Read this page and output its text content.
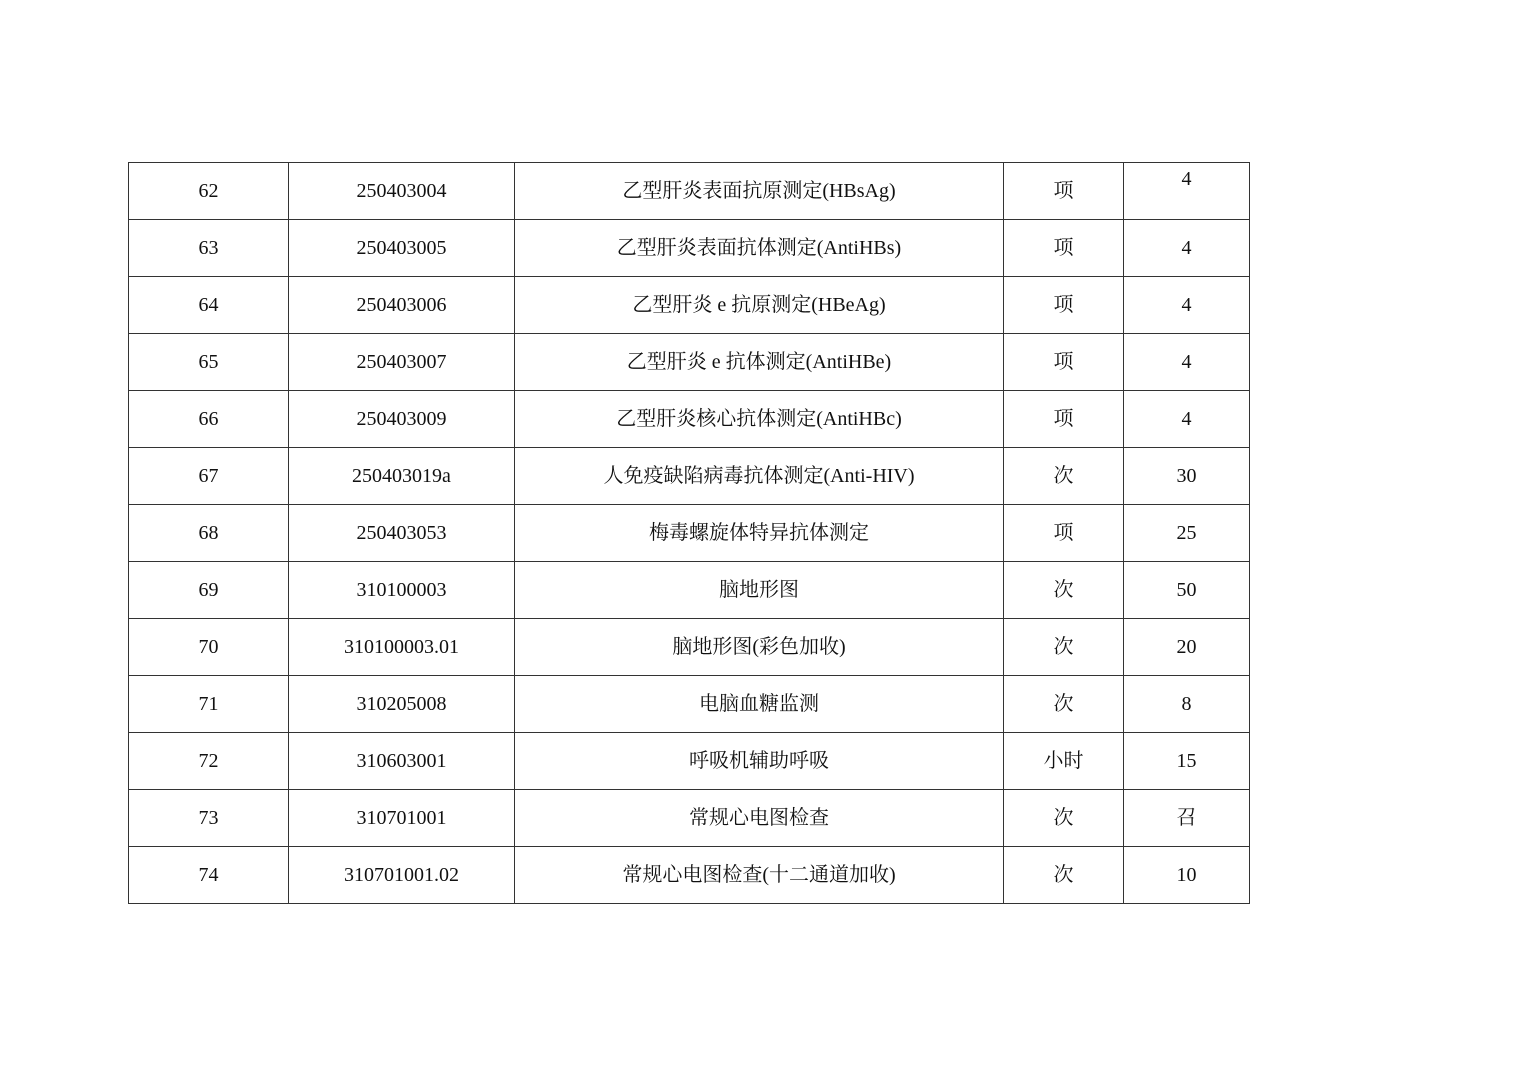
62	250403004	乙型肝炎表面抗原测定(HBsAg)	项	4
63	250403005	乙型肝炎表面抗体测定(AntiHBs)	项	4
64	250403006	乙型肝炎 e 抗原测定(HBeAg)	项	4
65	250403007	乙型肝炎 e 抗体测定(AntiHBe)	项	4
66	250403009	乙型肝炎核心抗体测定(AntiHBc)	项	4
67	250403019a	人免疫缺陷病毒抗体测定(Anti-HIV)	次	30
68	250403053	梅毒螺旋体特异抗体测定	项	25
69	310100003	脑地形图	次	50
70	310100003.01	脑地形图(彩色加收)	次	20
71	310205008	电脑血糖监测	次	8
72	310603001	呼吸机辅助呼吸	小时	15
73	310701001	常规心电图检查	次	召
74	310701001.02	常规心电图检查(十二通道加收)	次	10
